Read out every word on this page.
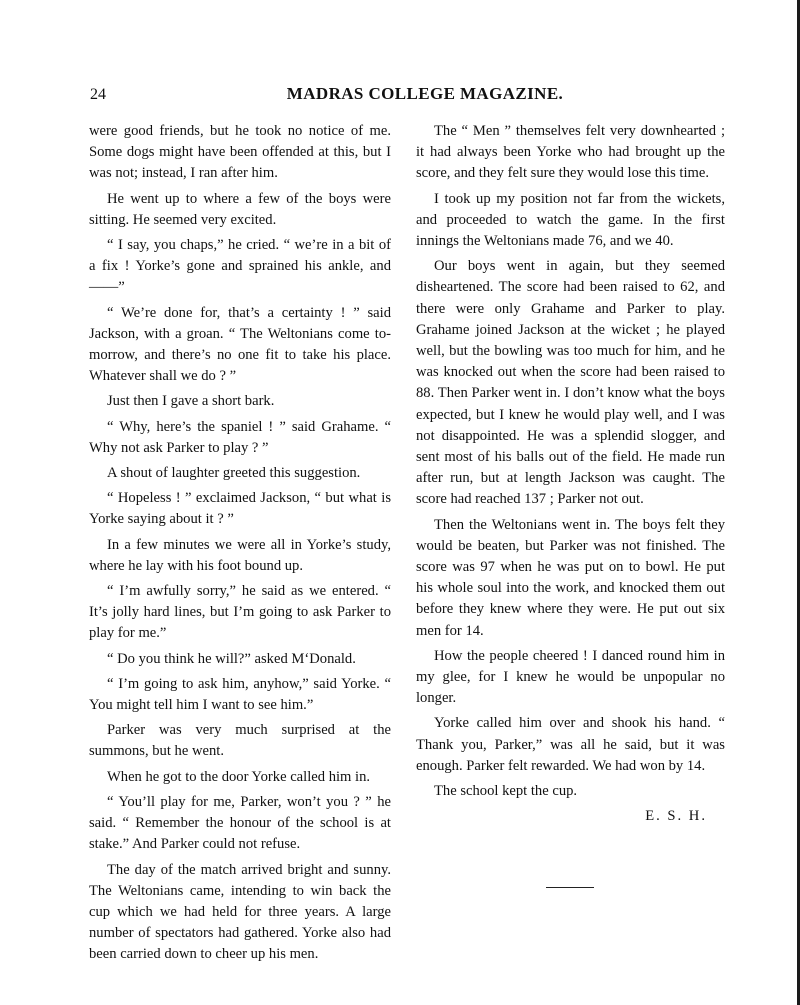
24	MADRAS COLLEGE MAGAZINE.

were good friends, but he took no notice of me. Some dogs might have been offended at this, but I was not; instead, I ran after him.

He went up to where a few of the boys were sitting. He seemed very excited.

“ I say, you chaps,” he cried. “ we’re in a bit of a fix ! Yorke’s gone and sprained his ankle, and——”

“ We’re done for, that’s a certainty ! ” said Jackson, with a groan. “ The Weltonians come to-morrow, and there’s no one fit to take his place. Whatever shall we do ? ”

Just then I gave a short bark.

“ Why, here’s the spaniel ! ” said Grahame. “ Why not ask Parker to play ? ”

A shout of laughter greeted this suggestion.

“ Hopeless ! ” exclaimed Jackson, “ but what is Yorke saying about it ? ”

In a few minutes we were all in Yorke’s study, where he lay with his foot bound up.

“ I’m awfully sorry,” he said as we entered. “ It’s jolly hard lines, but I’m going to ask Parker to play for me.”

“ Do you think he will?” asked M‘Donald.

“ I’m going to ask him, anyhow,” said Yorke. “ You might tell him I want to see him.”

Parker was very much surprised at the summons, but he went.

When he got to the door Yorke called him in.

“ You’ll play for me, Parker, won’t you ? ” he said. “ Remember the honour of the school is at stake.” And Parker could not refuse.

The day of the match arrived bright and sunny. The Weltonians came, intending to win back the cup which we had held for three years. A large number of spectators had gathered. Yorke also had been carried down to cheer up his men.

The “ Men ” themselves felt very downhearted ; it had always been Yorke who had brought up the score, and they felt sure they would lose this time.

I took up my position not far from the wickets, and proceeded to watch the game. In the first innings the Weltonians made 76, and we 40.

Our boys went in again, but they seemed disheartened. The score had been raised to 62, and there were only Grahame and Parker to play. Grahame joined Jackson at the wicket ; he played well, but the bowling was too much for him, and he was knocked out when the score had been raised to 88. Then Parker went in. I don’t know what the boys expected, but I knew he would play well, and I was not disappointed. He was a splendid slogger, and sent most of his balls out of the field. He made run after run, but at length Jackson was caught. The score had reached 137 ; Parker not out.

Then the Weltonians went in. The boys felt they would be beaten, but Parker was not finished. The score was 97 when he was put on to bowl. He put his whole soul into the work, and knocked them out before they knew where they were. He put out six men for 14.

How the people cheered ! I danced round him in my glee, for I knew he would be unpopular no longer.

Yorke called him over and shook his hand. “ Thank you, Parker,” was all he said, but it was enough. Parker felt rewarded. We had won by 14.

The school kept the cup.

E. S. H.
